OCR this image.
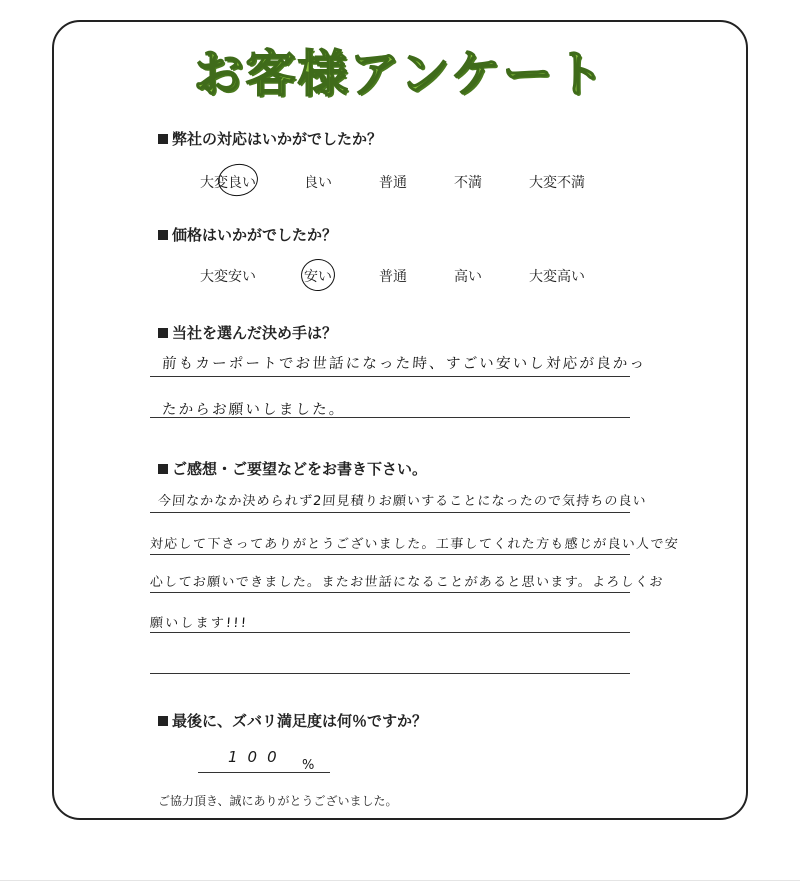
お客様アンケート
弊社の対応はいかがでしたか？
大変良い	良い	普通	不満	大変不満
価格はいかがでしたか？
大変安い	安い	普通	高い	大変高い
当社を選んだ決め手は？
前もカーポートでお世話になった時、すごい安いし対応が良かっ
たからお願いしました。
ご感想・ご要望などをお書き下さい。
今回なかなか決められず2回見積りお願いすることになったので気持ちの良い
対応して下さってありがとうございました。工事してくれた方も感じが良い人で安
心してお願いできました。またお世話になることがあると思います。よろしくお
願いします!!!
最後に、ズバリ満足度は何％ですか？
100 %
ご協力頂き、誠にありがとうございました。
